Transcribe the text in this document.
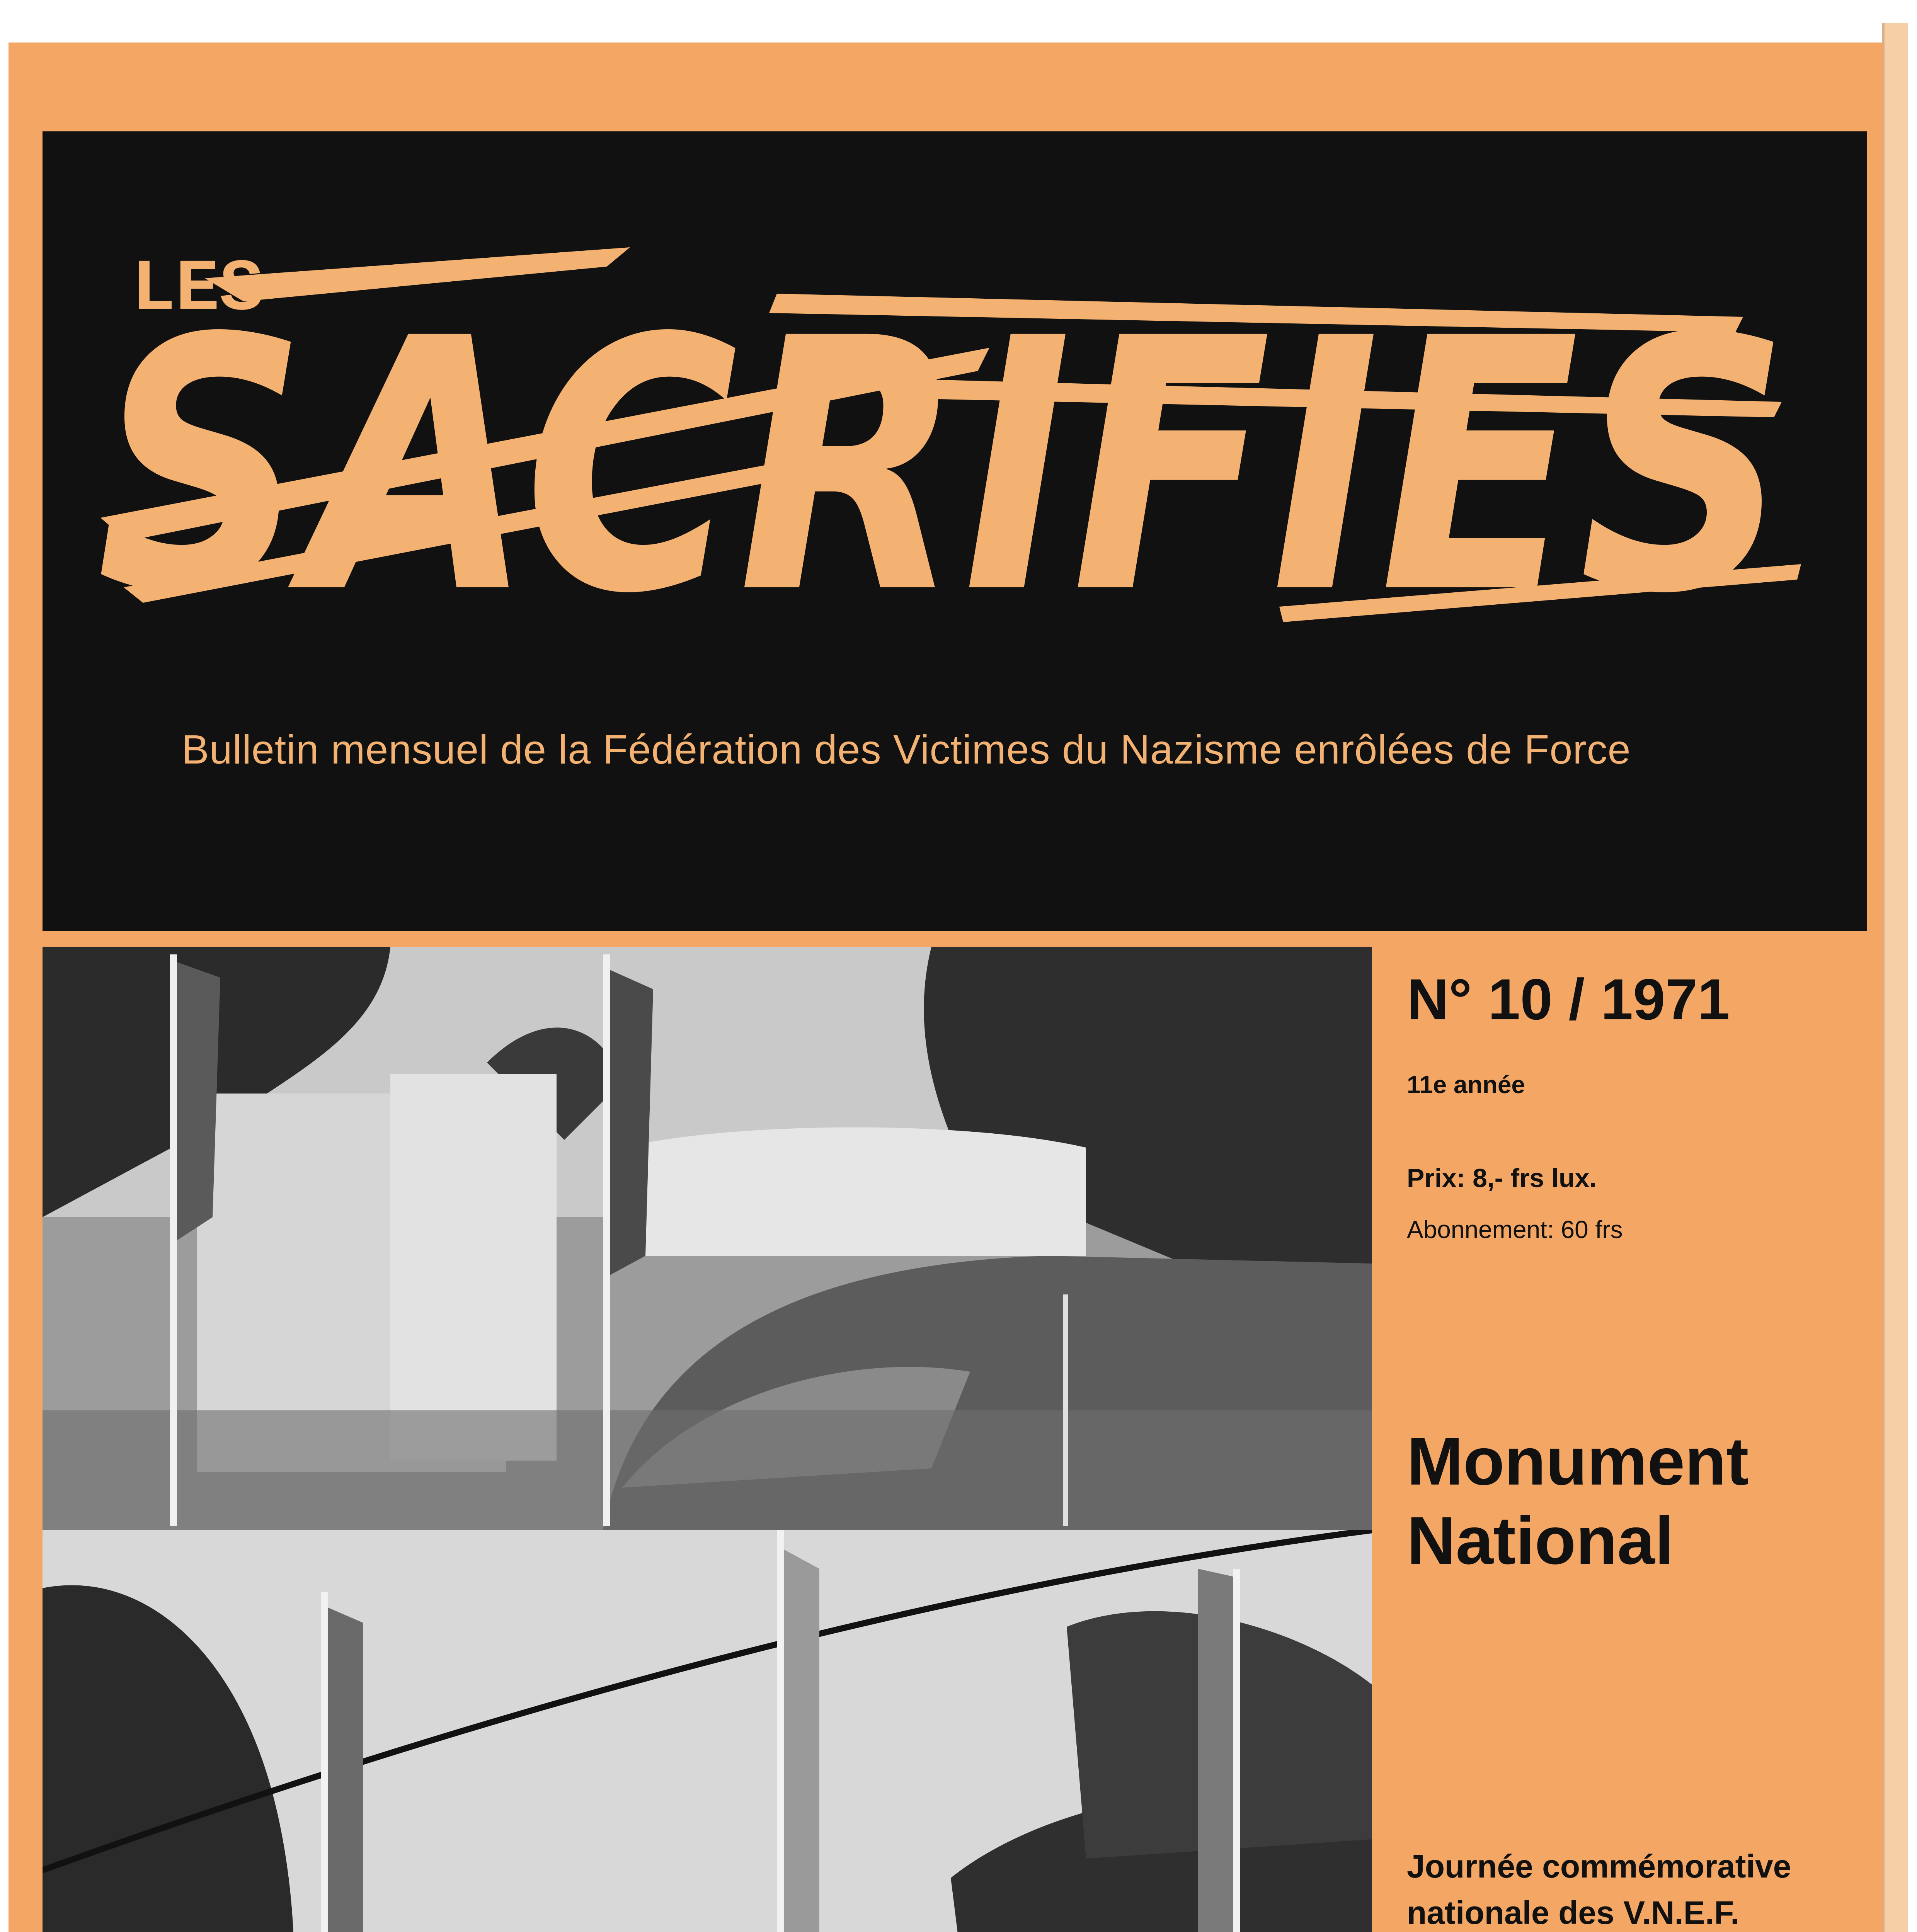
LES
SACRIFIES
Bulletin mensuel de la Fédération des Victimes du Nazisme enrôlées de Force
N° 10 / 1971
11e année
Prix: 8,- frs lux.
Abonnement: 60 frs
Monument
National
Journée commémorative
nationale des V.N.E.F.
